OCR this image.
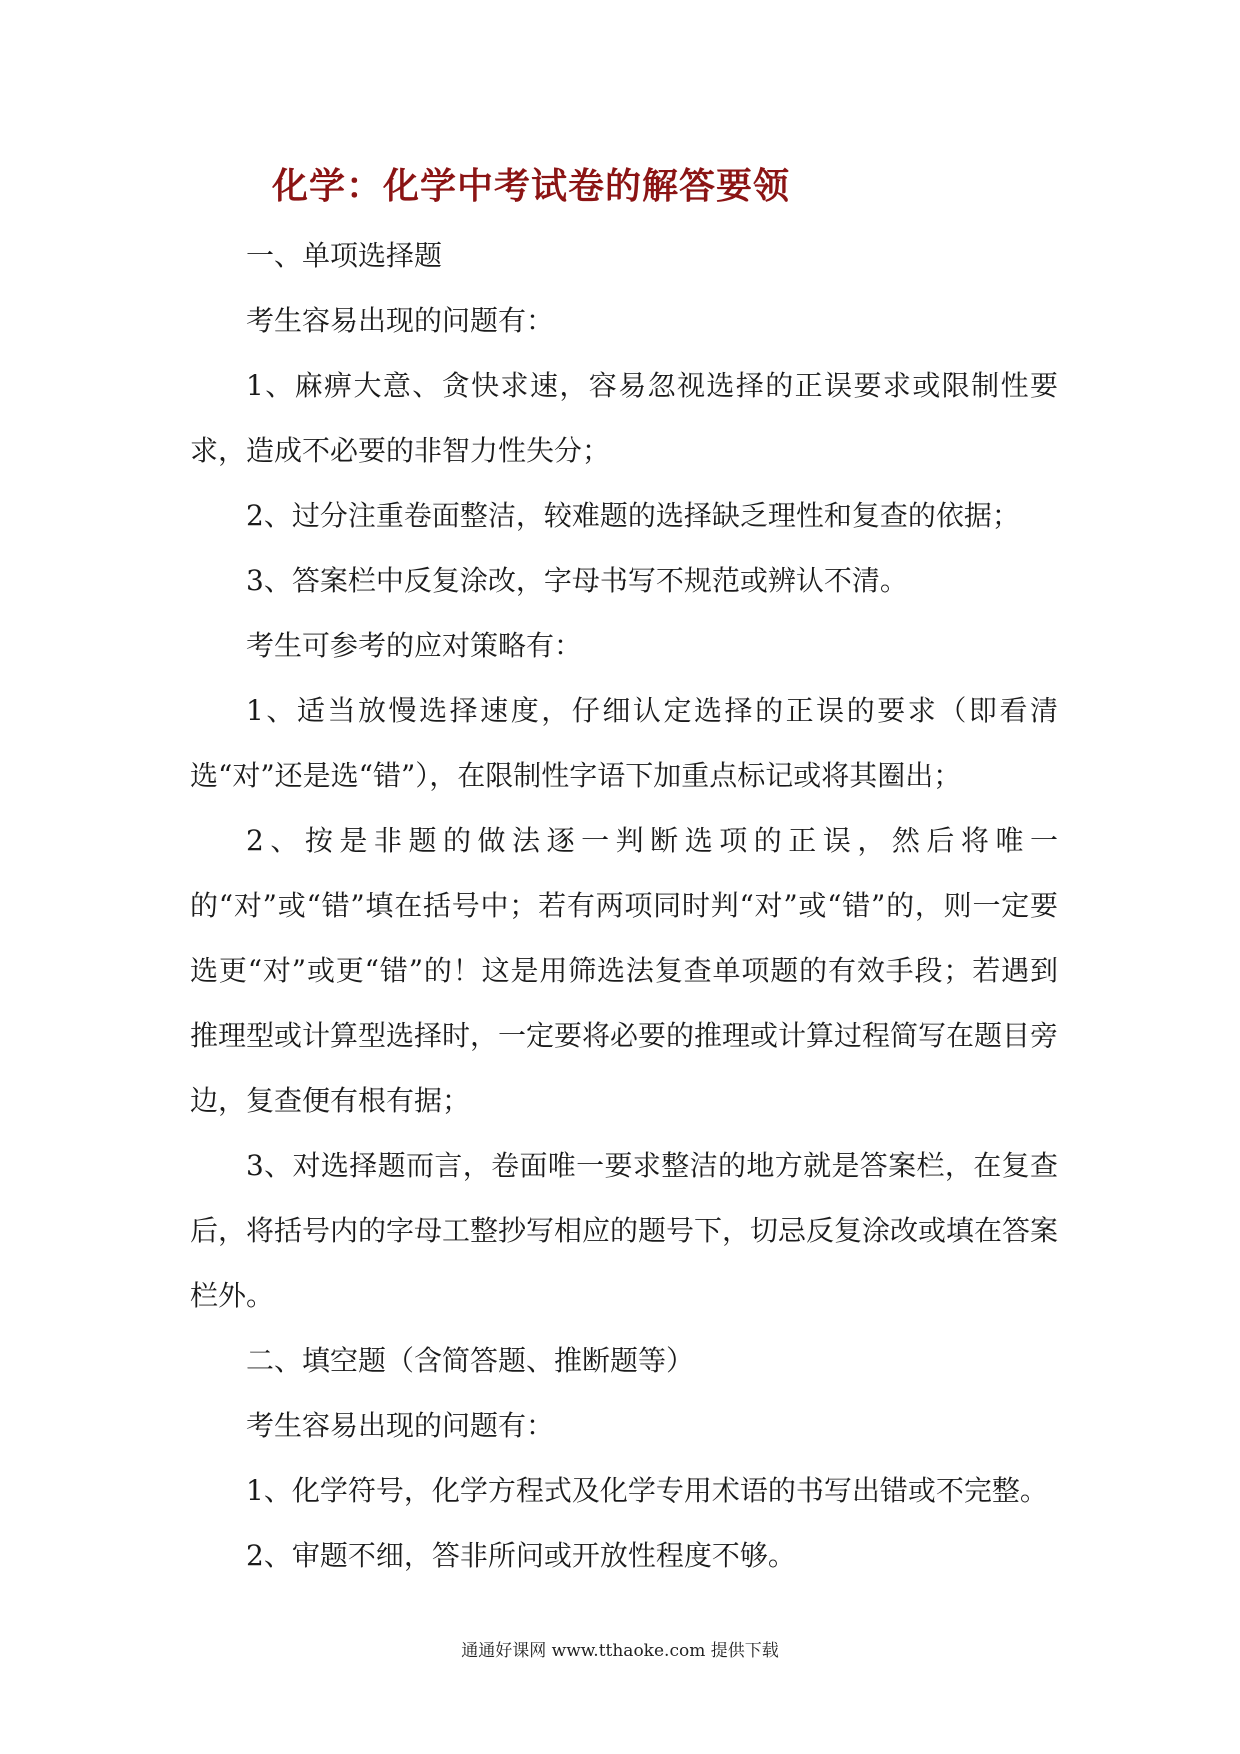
化学：化学中考试卷的解答要领

一、单项选择题

考生容易出现的问题有：

1、麻痹大意、贪快求速，容易忽视选择的正误要求或限制性要求，造成不必要的非智力性失分；

2、过分注重卷面整洁，较难题的选择缺乏理性和复查的依据；

3、答案栏中反复涂改，字母书写不规范或辨认不清。

考生可参考的应对策略有：

1、适当放慢选择速度，仔细认定选择的正误的要求（即看清选“对”还是选“错”），在限制性字语下加重点标记或将其圈出；

2、按是非题的做法逐一判断选项的正误，然后将唯一的“对”或“错”填在括号中；若有两项同时判“对”或“错”的，则一定要选更“对”或更“错”的！这是用筛选法复查单项题的有效手段；若遇到推理型或计算型选择时，一定要将必要的推理或计算过程简写在题目旁边，复查便有根有据；

3、对选择题而言，卷面唯一要求整洁的地方就是答案栏，在复查后，将括号内的字母工整抄写相应的题号下，切忌反复涂改或填在答案栏外。

二、填空题（含简答题、推断题等）

考生容易出现的问题有：

1、化学符号，化学方程式及化学专用术语的书写出错或不完整。

2、审题不细，答非所问或开放性程度不够。

通通好课网 www.tthaoke.com 提供下载
